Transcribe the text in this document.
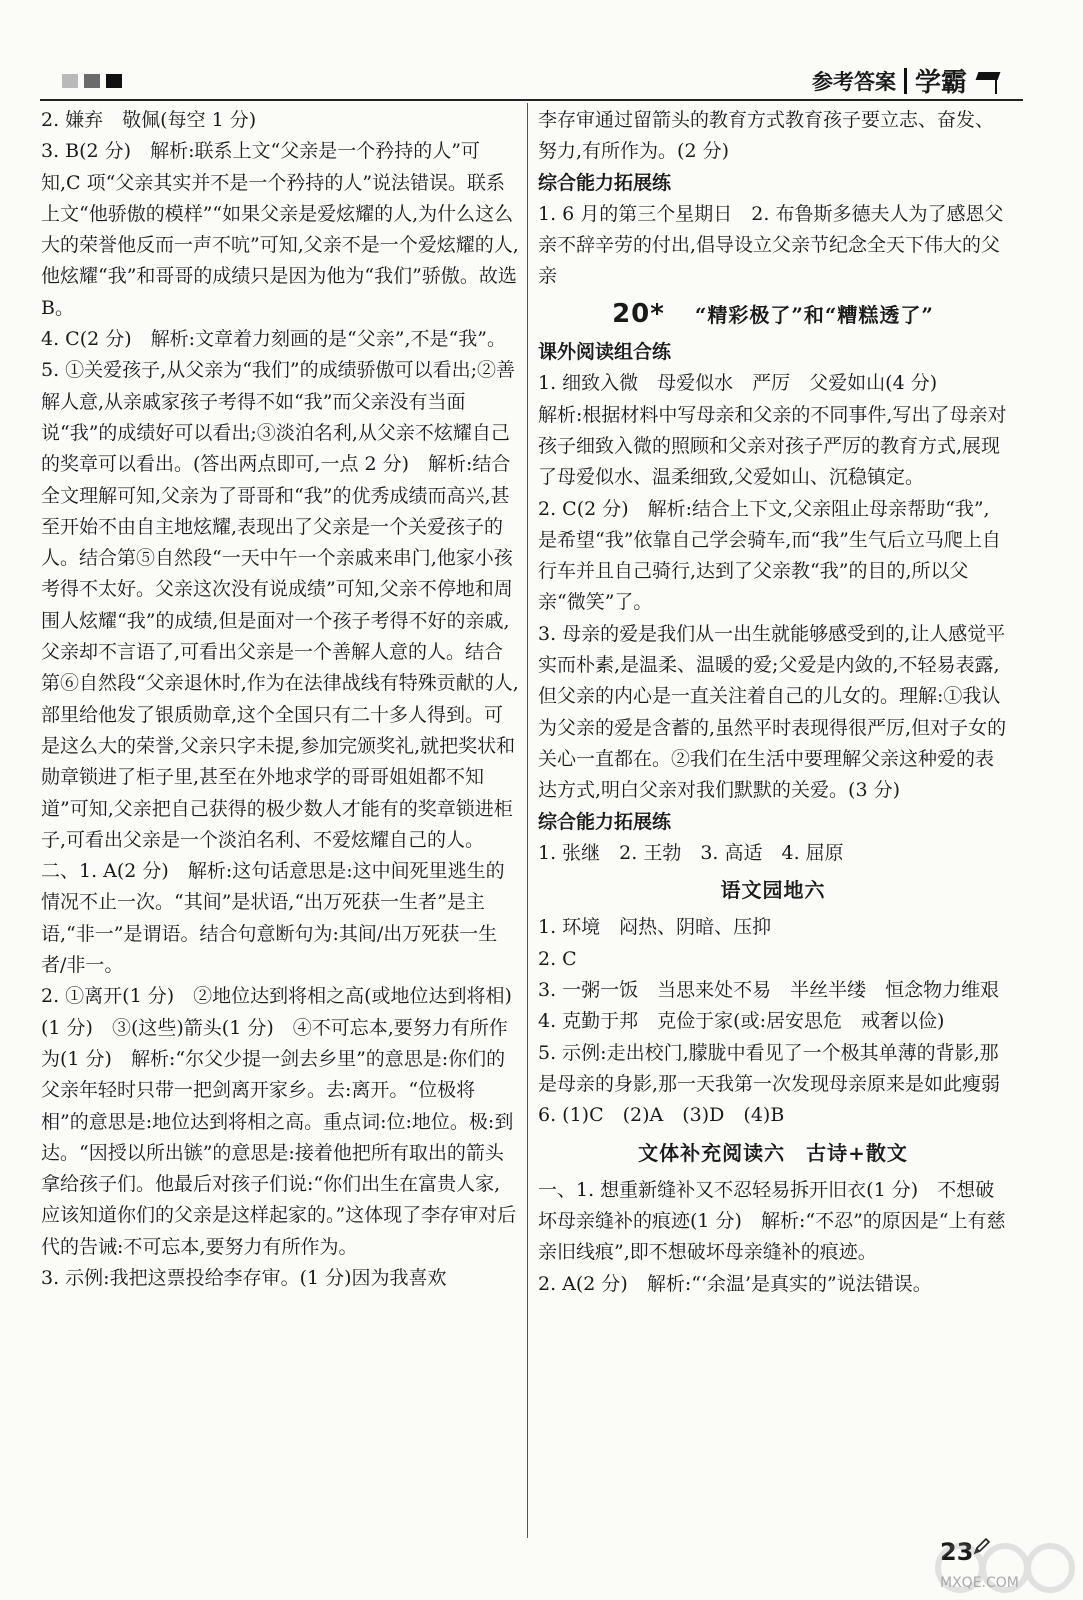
参考答案 学霸

2. 嫌弃　敬佩(每空 1 分)

3. B(2 分)　解析:联系上文“父亲是一个矜持的人”可知,C 项“父亲其实并不是一个矜持的人”说法错误。联系上文“他骄傲的模样”“如果父亲是爱炫耀的人,为什么这么大的荣誉他反而一声不吭”可知,父亲不是一个爱炫耀的人,他炫耀“我”和哥哥的成绩只是因为他为“我们”骄傲。故选 B。

4. C(2 分)　解析:文章着力刻画的是“父亲”,不是“我”。

5. ①关爱孩子,从父亲为“我们”的成绩骄傲可以看出;②善解人意,从亲戚家孩子考得不如“我”而父亲没有当面说“我”的成绩好可以看出;③淡泊名利,从父亲不炫耀自己的奖章可以看出。(答出两点即可,一点 2 分)　解析:结合全文理解可知,父亲为了哥哥和“我”的优秀成绩而高兴,甚至开始不由自主地炫耀,表现出了父亲是一个关爱孩子的人。结合第⑤自然段“一天中午一个亲戚来串门,他家小孩考得不太好。父亲这次没有说成绩”可知,父亲不停地和周围人炫耀“我”的成绩,但是面对一个孩子考得不好的亲戚,父亲却不言语了,可看出父亲是一个善解人意的人。结合第⑥自然段“父亲退休时,作为在法律战线有特殊贡献的人,部里给他发了银质勋章,这个全国只有二十多人得到。可是这么大的荣誉,父亲只字未提,参加完颁奖礼,就把奖状和勋章锁进了柜子里,甚至在外地求学的哥哥姐姐都不知道”可知,父亲把自己获得的极少数人才能有的奖章锁进柜子,可看出父亲是一个淡泊名利、不爱炫耀自己的人。

二、1. A(2 分)　解析:这句话意思是:这中间死里逃生的情况不止一次。“其间”是状语,“出万死获一生者”是主语,“非一”是谓语。结合句意断句为:其间/出万死获一生者/非一。

2. ①离开(1 分)　②地位达到将相之高(或地位达到将相)(1 分)　③(这些)箭头(1 分)　④不可忘本,要努力有所作为(1 分)　解析:“尔父少提一剑去乡里”的意思是:你们的父亲年轻时只带一把剑离开家乡。去:离开。“位极将相”的意思是:地位达到将相之高。重点词:位:地位。极:到达。“因授以所出镞”的意思是:接着他把所有取出的箭头拿给孩子们。他最后对孩子们说:“你们出生在富贵人家,应该知道你们的父亲是这样起家的。”这体现了李存审对后代的告诫:不可忘本,要努力有所作为。

3. 示例:我把这票投给李存审。(1 分)因为我喜欢

李存审通过留箭头的教育方式教育孩子要立志、奋发、努力,有所作为。(2 分)

综合能力拓展练

1. 6 月的第三个星期日　2. 布鲁斯多德夫人为了感恩父亲不辞辛劳的付出,倡导设立父亲节纪念全天下伟大的父亲

20* “精彩极了”和“糟糕透了”

课外阅读组合练

1. 细致入微　母爱似水　严厉　父爱如山(4 分)

解析:根据材料中写母亲和父亲的不同事件,写出了母亲对孩子细致入微的照顾和父亲对孩子严厉的教育方式,展现了母爱似水、温柔细致,父爱如山、沉稳镇定。

2. C(2 分)　解析:结合上下文,父亲阻止母亲帮助“我”,是希望“我”依靠自己学会骑车,而“我”生气后立马爬上自行车并且自己骑行,达到了父亲教“我”的目的,所以父亲“微笑”了。

3. 母亲的爱是我们从一出生就能够感受到的,让人感觉平实而朴素,是温柔、温暖的爱;父爱是内敛的,不轻易表露,但父亲的内心是一直关注着自己的儿女的。理解:①我认为父亲的爱是含蓄的,虽然平时表现得很严厉,但对子女的关心一直都在。②我们在生活中要理解父亲这种爱的表达方式,明白父亲对我们默默的关爱。(3 分)

综合能力拓展练

1. 张继　2. 王勃　3. 高适　4. 屈原

语文园地六

1. 环境　闷热、阴暗、压抑

2. C

3. 一粥一饭　当思来处不易　半丝半缕　恒念物力维艰

4. 克勤于邦　克俭于家(或:居安思危　戒奢以俭)

5. 示例:走出校门,朦胧中看见了一个极其单薄的背影,那是母亲的身影,那一天我第一次发现母亲原来是如此瘦弱

6. (1)C　(2)A　(3)D　(4)B

文体补充阅读六　古诗+散文

一、1. 想重新缝补又不忍轻易拆开旧衣(1 分)　不想破坏母亲缝补的痕迹(1 分)　解析:“不忍”的原因是“上有慈亲旧线痕”,即不想破坏母亲缝补的痕迹。

2. A(2 分)　解析:“‘余温’是真实的”说法错误。

23
MXQE.COM
